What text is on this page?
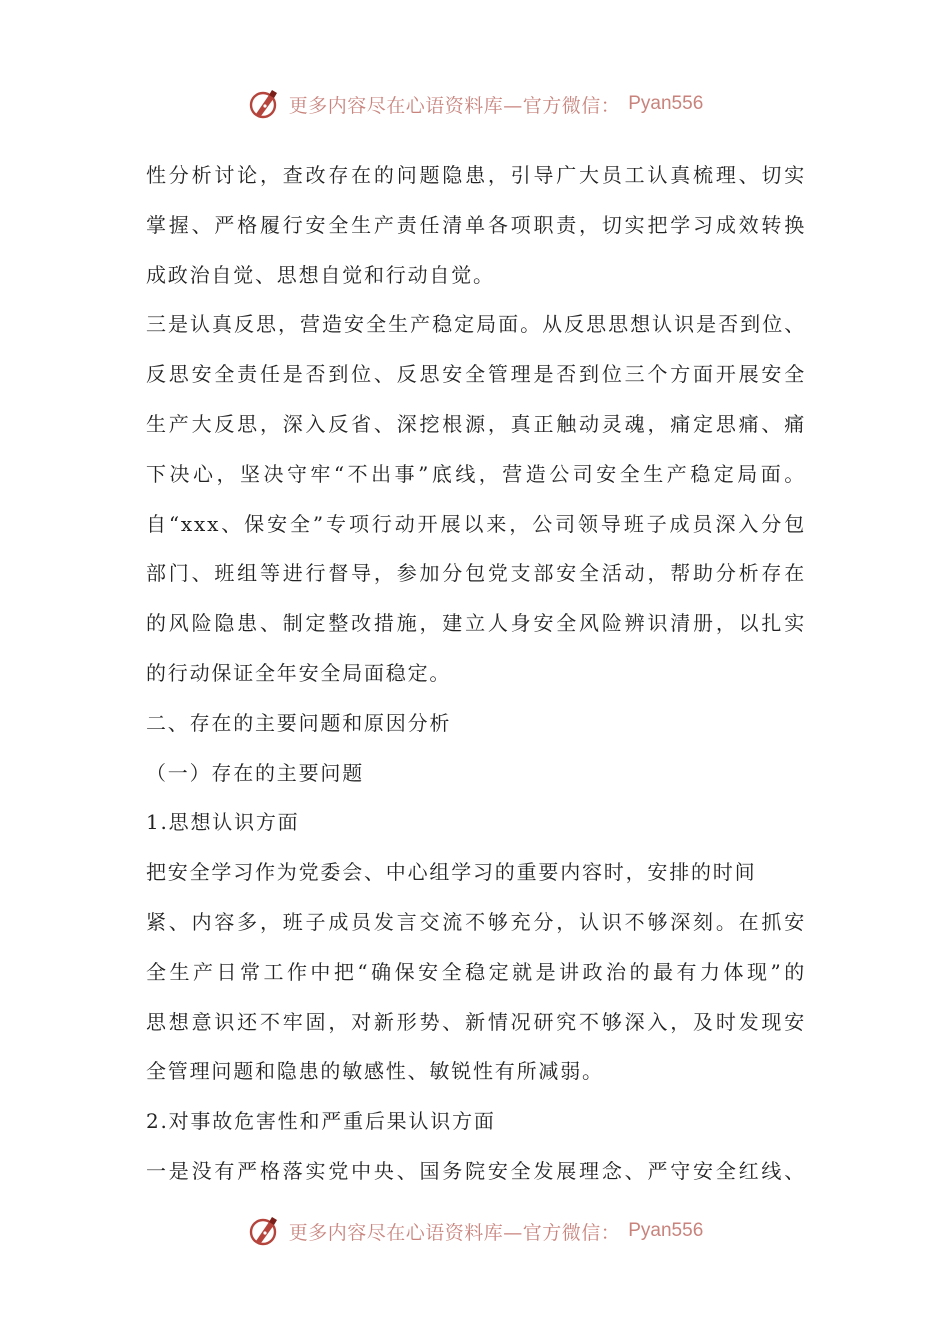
更多内容尽在心语资料库—官方微信： Pyan556
性分析讨论，查改存在的问题隐患，引导广大员工认真梳理、切实
掌握、严格履行安全生产责任清单各项职责，切实把学习成效转换
成政治自觉、思想自觉和行动自觉。
三是认真反思，营造安全生产稳定局面。从反思思想认识是否到位、
反思安全责任是否到位、反思安全管理是否到位三个方面开展安全
生产大反思，深入反省、深挖根源，真正触动灵魂，痛定思痛、痛
下决心，坚决守牢“不出事”底线，营造公司安全生产稳定局面。
自“xxx、保安全”专项行动开展以来，公司领导班子成员深入分包
部门、班组等进行督导，参加分包党支部安全活动，帮助分析存在
的风险隐患、制定整改措施，建立人身安全风险辨识清册，以扎实
的行动保证全年安全局面稳定。
二、存在的主要问题和原因分析
（一）存在的主要问题
1.思想认识方面
把安全学习作为党委会、中心组学习的重要内容时，安排的时间
紧、内容多，班子成员发言交流不够充分，认识不够深刻。在抓安
全生产日常工作中把“确保安全稳定就是讲政治的最有力体现”的
思想意识还不牢固，对新形势、新情况研究不够深入，及时发现安
全管理问题和隐患的敏感性、敏锐性有所减弱。
2.对事故危害性和严重后果认识方面
一是没有严格落实党中央、国务院安全发展理念、严守安全红线、
更多内容尽在心语资料库—官方微信： Pyan556
